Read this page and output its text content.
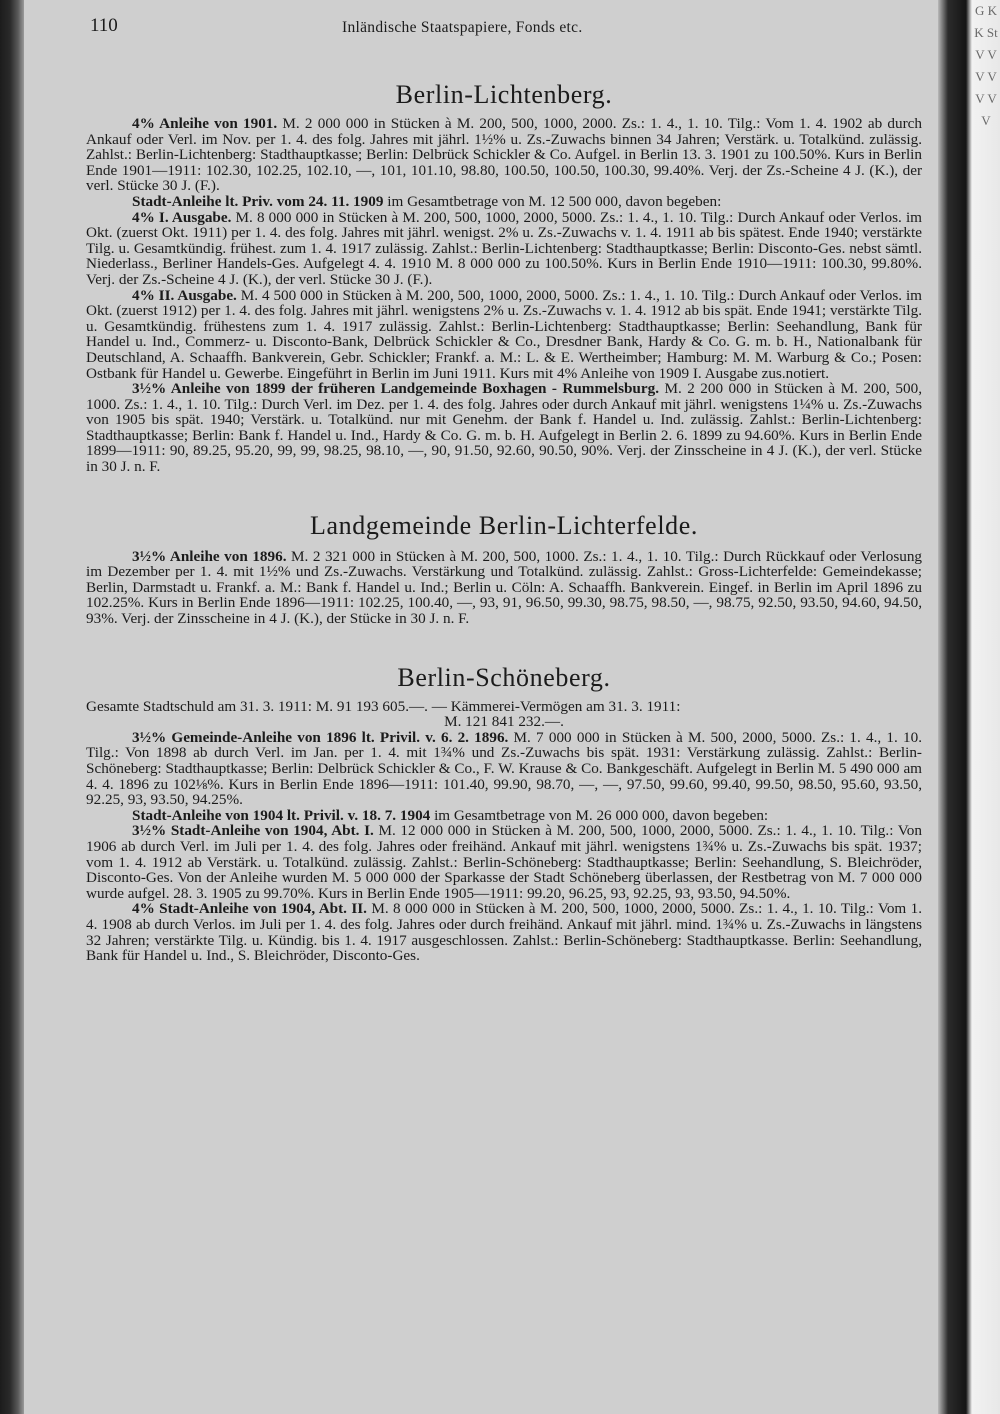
G K K St V V V V V V V
110	Inländische Staatspapiere, Fonds etc.
Berlin-Lichtenberg.

4% Anleihe von 1901. M. 2 000 000 in Stücken à M. 200, 500, 1000, 2000. Zs.: 1. 4., 1. 10. Tilg.: Vom 1. 4. 1902 ab durch Ankauf oder Verl. im Nov. per 1. 4. des folg. Jahres mit jährl. 1½% u. Zs.-Zuwachs binnen 34 Jahren; Verstärk. u. Totalkünd. zulässig. Zahlst.: Berlin-Lichtenberg: Stadthauptkasse; Berlin: Delbrück Schickler & Co. Aufgel. in Berlin 13. 3. 1901 zu 100.50%. Kurs in Berlin Ende 1901—1911: 102.30, 102.25, 102.10, —, 101, 101.10, 98.80, 100.50, 100.50, 100.30, 99.40%. Verj. der Zs.-Scheine 4 J. (K.), der verl. Stücke 30 J. (F.).

Stadt-Anleihe lt. Priv. vom 24. 11. 1909 im Gesamtbetrage von M. 12 500 000, davon begeben:

4% I. Ausgabe. M. 8 000 000 in Stücken à M. 200, 500, 1000, 2000, 5000. Zs.: 1. 4., 1. 10. Tilg.: Durch Ankauf oder Verlos. im Okt. (zuerst Okt. 1911) per 1. 4. des folg. Jahres mit jährl. wenigst. 2% u. Zs.-Zuwachs v. 1. 4. 1911 ab bis spätest. Ende 1940; verstärkte Tilg. u. Gesamtkündig. frühest. zum 1. 4. 1917 zulässig. Zahlst.: Berlin-Lichtenberg: Stadthauptkasse; Berlin: Disconto-Ges. nebst sämtl. Niederlass., Berliner Handels-Ges. Aufgelegt 4. 4. 1910 M. 8 000 000 zu 100.50%. Kurs in Berlin Ende 1910—1911: 100.30, 99.80%. Verj. der Zs.-Scheine 4 J. (K.), der verl. Stücke 30 J. (F.).

4% II. Ausgabe. M. 4 500 000 in Stücken à M. 200, 500, 1000, 2000, 5000. Zs.: 1. 4., 1. 10. Tilg.: Durch Ankauf oder Verlos. im Okt. (zuerst 1912) per 1. 4. des folg. Jahres mit jährl. wenigstens 2% u. Zs.-Zuwachs v. 1. 4. 1912 ab bis spät. Ende 1941; verstärkte Tilg. u. Gesamtkündig. frühestens zum 1. 4. 1917 zulässig. Zahlst.: Berlin-Lichtenberg: Stadthauptkasse; Berlin: Seehandlung, Bank für Handel u. Ind., Commerz- u. Disconto-Bank, Delbrück Schickler & Co., Dresdner Bank, Hardy & Co. G. m. b. H., Nationalbank für Deutschland, A. Schaaffh. Bankverein, Gebr. Schickler; Frankf. a. M.: L. & E. Wertheimber; Hamburg: M. M. Warburg & Co.; Posen: Ostbank für Handel u. Gewerbe. Eingeführt in Berlin im Juni 1911. Kurs mit 4% Anleihe von 1909 I. Ausgabe zus.notiert.

3½% Anleihe von 1899 der früheren Landgemeinde Boxhagen - Rummelsburg. M. 2 200 000 in Stücken à M. 200, 500, 1000. Zs.: 1. 4., 1. 10. Tilg.: Durch Verl. im Dez. per 1. 4. des folg. Jahres oder durch Ankauf mit jährl. wenigstens 1¼% u. Zs.-Zuwachs von 1905 bis spät. 1940; Verstärk. u. Totalkünd. nur mit Genehm. der Bank f. Handel u. Ind. zulässig. Zahlst.: Berlin-Lichtenberg: Stadthauptkasse; Berlin: Bank f. Handel u. Ind., Hardy & Co. G. m. b. H. Aufgelegt in Berlin 2. 6. 1899 zu 94.60%. Kurs in Berlin Ende 1899—1911: 90, 89.25, 95.20, 99, 99, 98.25, 98.10, —, 90, 91.50, 92.60, 90.50, 90%. Verj. der Zinsscheine in 4 J. (K.), der verl. Stücke in 30 J. n. F.

Landgemeinde Berlin-Lichterfelde.

3½% Anleihe von 1896. M. 2 321 000 in Stücken à M. 200, 500, 1000. Zs.: 1. 4., 1. 10. Tilg.: Durch Rückkauf oder Verlosung im Dezember per 1. 4. mit 1½% und Zs.-Zuwachs. Verstärkung und Totalkünd. zulässig. Zahlst.: Gross-Lichterfelde: Gemeindekasse; Berlin, Darmstadt u. Frankf. a. M.: Bank f. Handel u. Ind.; Berlin u. Cöln: A. Schaaffh. Bankverein. Eingef. in Berlin im April 1896 zu 102.25%. Kurs in Berlin Ende 1896—1911: 102.25, 100.40, —, 93, 91, 96.50, 99.30, 98.75, 98.50, —, 98.75, 92.50, 93.50, 94.60, 94.50, 93%. Verj. der Zinsscheine in 4 J. (K.), der Stücke in 30 J. n. F.

Berlin-Schöneberg.

Gesamte Stadtschuld am 31. 3. 1911: M. 91 193 605.—. — Kämmerei-Vermögen am 31. 3. 1911:

M. 121 841 232.—.

3½% Gemeinde-Anleihe von 1896 lt. Privil. v. 6. 2. 1896. M. 7 000 000 in Stücken à M. 500, 2000, 5000. Zs.: 1. 4., 1. 10. Tilg.: Von 1898 ab durch Verl. im Jan. per 1. 4. mit 1¾% und Zs.-Zuwachs bis spät. 1931: Verstärkung zulässig. Zahlst.: Berlin-Schöneberg: Stadthauptkasse; Berlin: Delbrück Schickler & Co., F. W. Krause & Co. Bankgeschäft. Aufgelegt in Berlin M. 5 490 000 am 4. 4. 1896 zu 102⅛%. Kurs in Berlin Ende 1896—1911: 101.40, 99.90, 98.70, —, —, 97.50, 99.60, 99.40, 99.50, 98.50, 95.60, 93.50, 92.25, 93, 93.50, 94.25%.

Stadt-Anleihe von 1904 lt. Privil. v. 18. 7. 1904 im Gesamtbetrage von M. 26 000 000, davon begeben:

3½% Stadt-Anleihe von 1904, Abt. I. M. 12 000 000 in Stücken à M. 200, 500, 1000, 2000, 5000. Zs.: 1. 4., 1. 10. Tilg.: Von 1906 ab durch Verl. im Juli per 1. 4. des folg. Jahres oder freihänd. Ankauf mit jährl. wenigstens 1¾% u. Zs.-Zuwachs bis spät. 1937; vom 1. 4. 1912 ab Verstärk. u. Totalkünd. zulässig. Zahlst.: Berlin-Schöneberg: Stadthauptkasse; Berlin: Seehandlung, S. Bleichröder, Disconto-Ges. Von der Anleihe wurden M. 5 000 000 der Sparkasse der Stadt Schöneberg überlassen, der Restbetrag von M. 7 000 000 wurde aufgel. 28. 3. 1905 zu 99.70%. Kurs in Berlin Ende 1905—1911: 99.20, 96.25, 93, 92.25, 93, 93.50, 94.50%.

4% Stadt-Anleihe von 1904, Abt. II. M. 8 000 000 in Stücken à M. 200, 500, 1000, 2000, 5000. Zs.: 1. 4., 1. 10. Tilg.: Vom 1. 4. 1908 ab durch Verlos. im Juli per 1. 4. des folg. Jahres oder durch freihänd. Ankauf mit jährl. mind. 1¾% u. Zs.-Zuwachs in längstens 32 Jahren; verstärkte Tilg. u. Kündig. bis 1. 4. 1917 ausgeschlossen. Zahlst.: Berlin-Schöneberg: Stadthauptkasse. Berlin: Seehandlung, Bank für Handel u. Ind., S. Bleichröder, Disconto-Ges.
